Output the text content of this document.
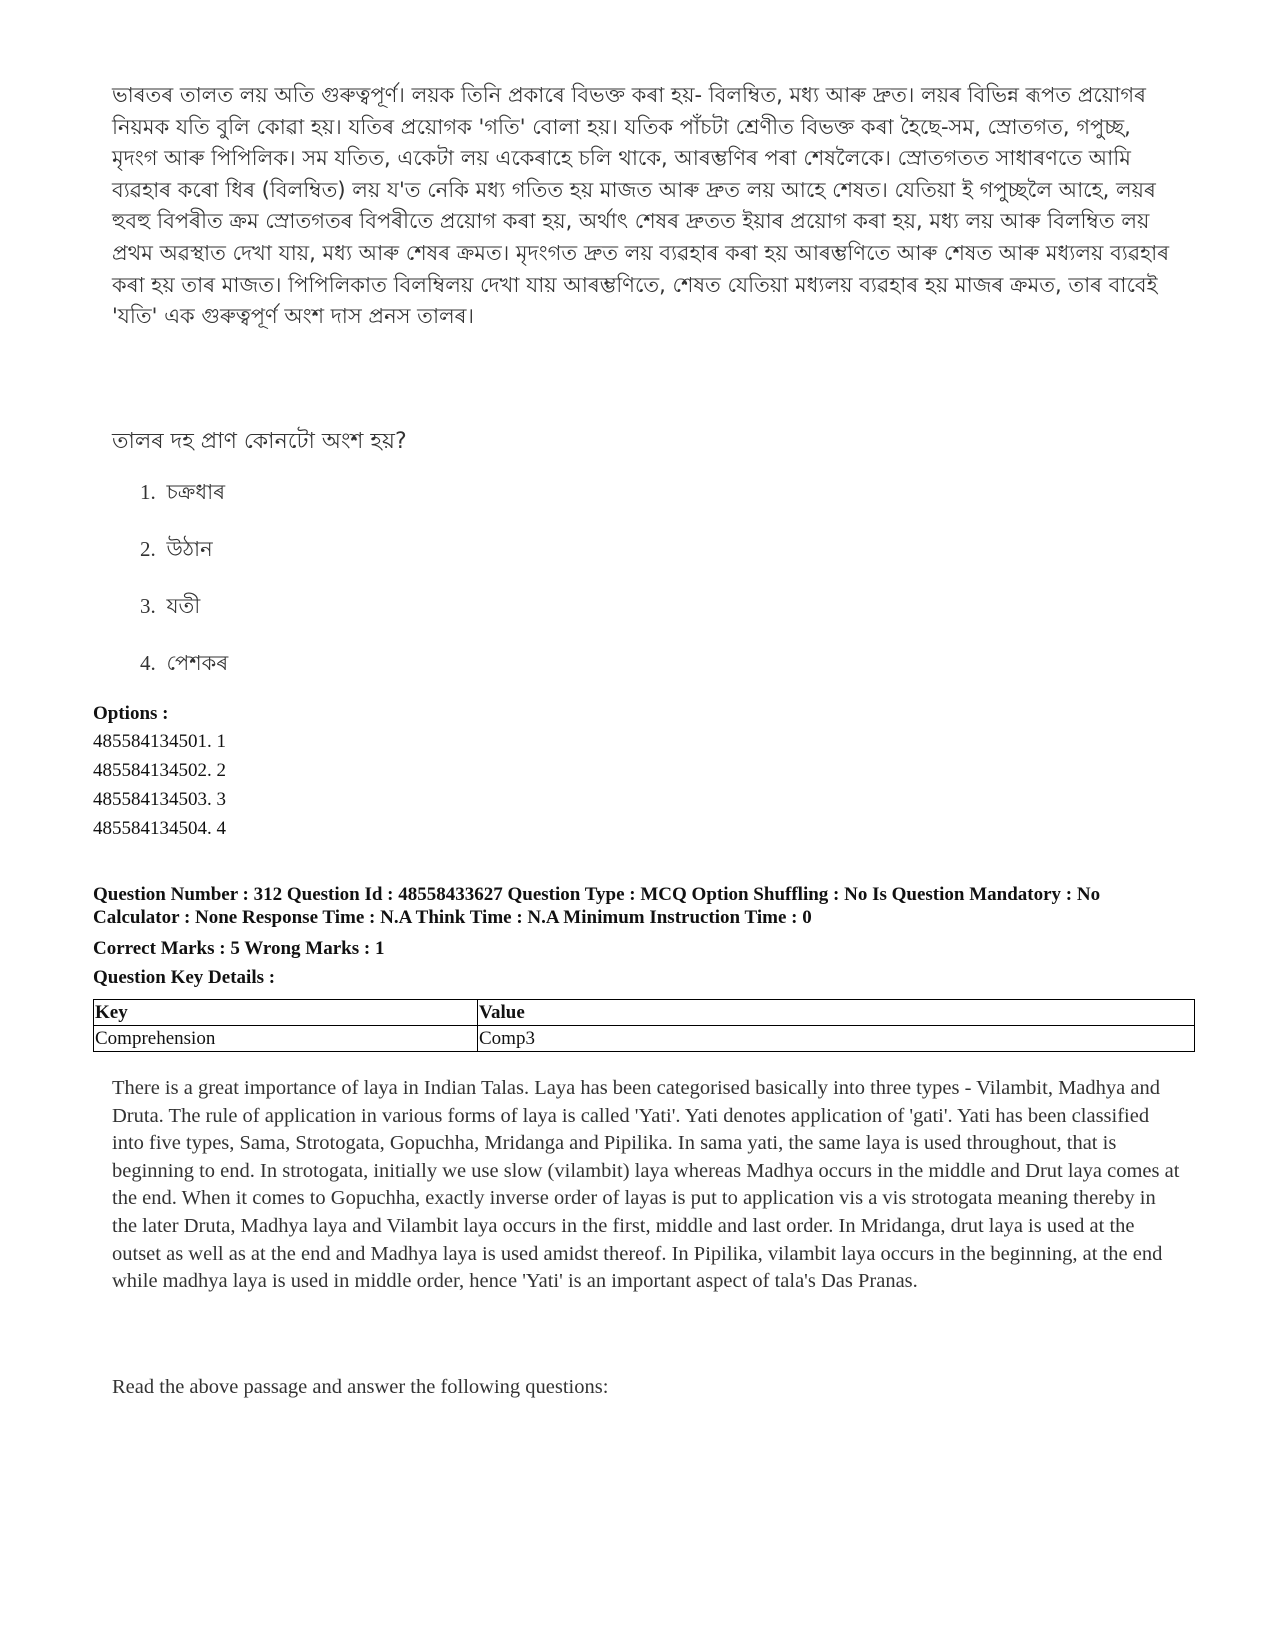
ভাৰতৰ তালত লয় অতি গুৰুত্বপূৰ্ণ। লয়ক তিনি প্ৰকাৰে বিভক্ত কৰা হয়- বিলম্বিত, মধ্য আৰু দ্ৰুত। লয়ৰ বিভিন্ন ৰূপত প্ৰয়োগৰ নিয়মক যতি বুলি কোৱা হয়। যতিৰ প্ৰয়োগক 'গতি' বোলা হয়। যতিক পাঁচটা শ্ৰেণীত বিভক্ত কৰা হৈছে-সম, স্ৰোতগত, গপুচ্ছ, মৃদংগ আৰু পিপিলিক। সম যতিত, একেটা লয় একেৰাহে চলি থাকে, আৰম্ভণিৰ পৰা শেষলৈকে। স্ৰোতগতত সাধাৰণতে আমি ব্যৱহাৰ কৰো ধিৰ (বিলম্বিত) লয় য'ত নেকি মধ্য গতিত হয় মাজত আৰু দ্ৰুত লয় আহে শেষত। যেতিয়া ই গপুচ্ছলৈ আহে, লয়ৰ হুবহু বিপৰীত ক্ৰম স্ৰোতগতৰ বিপৰীতে প্ৰয়োগ কৰা হয়, অৰ্থাৎ শেষৰ দ্ৰুতত ইয়াৰ প্ৰয়োগ কৰা হয়, মধ্য লয় আৰু বিলম্বিত লয় প্ৰথম অৱস্থাত দেখা যায়, মধ্য আৰু শেষৰ ক্ৰমত। মৃদংগত দ্ৰুত লয় ব্যৱহাৰ কৰা হয় আৰম্ভণিতে আৰু শেষত আৰু মধ্যলয় ব্যৱহাৰ কৰা হয় তাৰ মাজত। পিপিলিকাত বিলম্বিলয় দেখা যায় আৰম্ভণিতে, শেষত যেতিয়া মধ্যলয় ব্যৱহাৰ হয় মাজৰ ক্ৰমত, তাৰ বাবেই 'যতি' এক গুৰুত্বপূৰ্ণ অংশ দাস প্ৰনস তালৰ।

তালৰ দহ প্ৰাণ কোনটো অংশ হয়?

1. চক্ৰধাৰ
2. উঠান
3. যতী
4. পেশকৰ

Options :

485584134501. 1
485584134502. 2
485584134503. 3
485584134504. 4

Question Number : 312 Question Id : 48558433627 Question Type : MCQ Option Shuffling : No Is Question Mandatory : No Calculator : None Response Time : N.A Think Time : N.A Minimum Instruction Time : 0

Correct Marks : 5 Wrong Marks : 1

Question Key Details :

Key	Value
Comprehension	Comp3

There is a great importance of laya in Indian Talas. Laya has been categorised basically into three types - Vilambit, Madhya and Druta. The rule of application in various forms of laya is called 'Yati'. Yati denotes application of 'gati'. Yati has been classified into five types, Sama, Strotogata, Gopuchha, Mridanga and Pipilika. In sama yati, the same laya is used throughout, that is beginning to end. In strotogata, initially we use slow (vilambit) laya whereas Madhya occurs in the middle and Drut laya comes at the end. When it comes to Gopuchha, exactly inverse order of layas is put to application vis a vis strotogata meaning thereby in the later Druta, Madhya laya and Vilambit laya occurs in the first, middle and last order. In Mridanga, drut laya is used at the outset as well as at the end and Madhya laya is used amidst thereof. In Pipilika, vilambit laya occurs in the beginning, at the end while madhya laya is used in middle order, hence 'Yati' is an important aspect of tala's Das Pranas.

Read the above passage and answer the following questions:
